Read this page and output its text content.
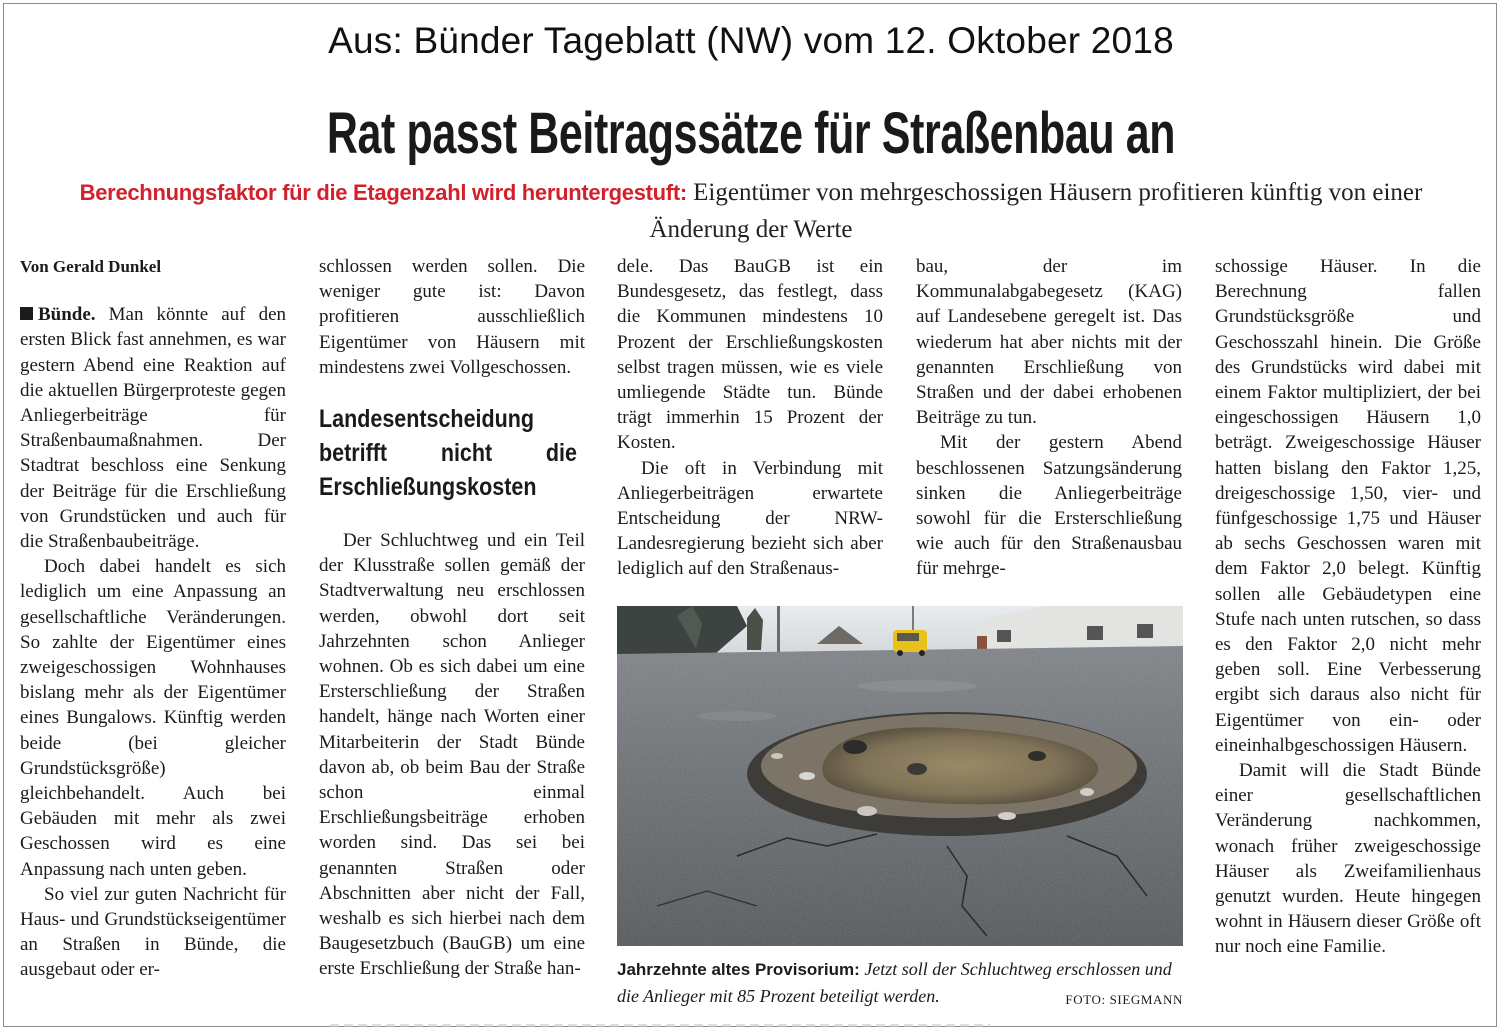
Aus: Bünder Tageblatt (NW) vom 12. Oktober 2018
Rat passt Beitragssätze für Straßenbau an
Berechnungsfaktor für die Etagenzahl wird heruntergestuft: Eigentümer von mehrgeschossigen Häusern profitieren künftig von einer Änderung der Werte

Von Gerald Dunkel

Bünde. Man könnte auf den ersten Blick fast annehmen, es war gestern Abend eine Reaktion auf die aktuellen Bürgerproteste gegen Anliegerbeiträge für Straßenbaumaßnahmen. Der Stadtrat beschloss eine Senkung der Beiträge für die Erschließung von Grundstücken und auch für die Straßenbaubeiträge.

Doch dabei handelt es sich lediglich um eine Anpassung an gesellschaftliche Veränderungen. So zahlte der Eigentümer eines zweigeschossigen Wohnhauses bislang mehr als der Eigentümer eines Bungalows. Künftig werden beide (bei gleicher Grundstücksgröße) gleichbehandelt. Auch bei Gebäuden mit mehr als zwei Geschossen wird es eine Anpassung nach unten geben.

So viel zur guten Nachricht für Haus- und Grundstückseigentümer an Straßen in Bünde, die ausgebaut oder er-

schlossen werden sollen. Die weniger gute ist: Davon profitieren ausschließlich Eigentümer von Häusern mit mindestens zwei Vollgeschossen.

Landesentscheidung betrifft nicht die Erschließungskosten

Der Schluchtweg und ein Teil der Klusstraße sollen gemäß der Stadtverwaltung neu erschlossen werden, obwohl dort seit Jahrzehnten schon Anlieger wohnen. Ob es sich dabei um eine Ersterschließung der Straßen handelt, hänge nach Worten einer Mitarbeiterin der Stadt Bünde davon ab, ob beim Bau der Straße schon einmal Erschließungsbeiträge erhoben worden sind. Das sei bei genannten Straßen oder Abschnitten aber nicht der Fall, weshalb es sich hierbei nach dem Baugesetzbuch (BauGB) um eine erste Erschließung der Straße han-

dele. Das BauGB ist ein Bundesgesetz, das festlegt, dass die Kommunen mindestens 10 Prozent der Erschließungskosten selbst tragen müssen, wie es viele umliegende Städte tun. Bünde trägt immerhin 15 Prozent der Kosten.

Die oft in Verbindung mit Anliegerbeiträgen erwartete Entscheidung der NRW-Landesregierung bezieht sich aber lediglich auf den Straßenaus-

bau, der im Kommunalabgabegesetz (KAG) auf Landesebene geregelt ist. Das wiederum hat aber nichts mit der genannten Erschließung von Straßen und der dabei erhobenen Beiträge zu tun.

Mit der gestern Abend beschlossenen Satzungsänderung sinken die Anliegerbeiträge sowohl für die Ersterschließung wie auch für den Straßenausbau für mehrge-

schossige Häuser. In die Berechnung fallen Grundstücksgröße und Geschosszahl hinein. Die Größe des Grundstücks wird dabei mit einem Faktor multipliziert, der bei eingeschossigen Häusern 1,0 beträgt. Zweigeschossige Häuser hatten bislang den Faktor 1,25, dreigeschossige 1,50, vier- und fünfgeschossige 1,75 und Häuser ab sechs Geschossen waren mit dem Faktor 2,0 belegt. Künftig sollen alle Gebäudetypen eine Stufe nach unten rutschen, so dass es den Faktor 2,0 nicht mehr geben soll. Eine Verbesserung ergibt sich daraus also nicht für Eigentümer von ein- oder eineinhalbgeschossigen Häusern.

Damit will die Stadt Bünde einer gesellschaftlichen Veränderung nachkommen, wonach früher zweigeschossige Häuser als Zweifamilienhaus genutzt wurden. Heute hingegen wohnt in Häusern dieser Größe oft nur noch eine Familie.

Jahrzehnte altes Provisorium: Jetzt soll der Schluchtweg erschlossen und die Anlieger mit 85 Prozent beteiligt werden.	FOTO: SIEGMANN
